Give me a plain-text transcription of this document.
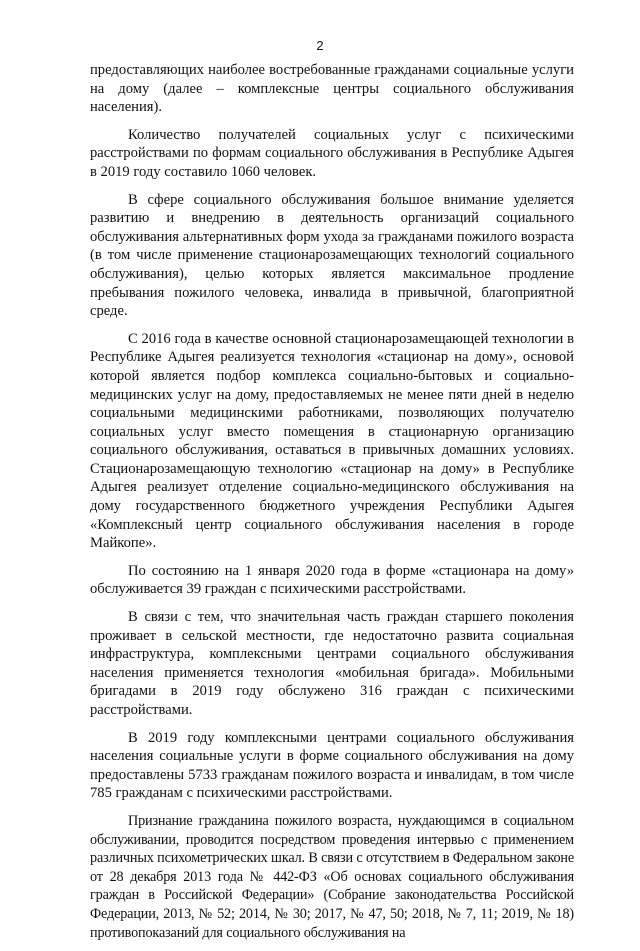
2

предоставляющих наиболее востребованные гражданами социальные услуги на дому (далее – комплексные центры социального обслуживания населения).

Количество получателей социальных услуг с психическими расстройствами по формам социального обслуживания в Республике Адыгея в 2019 году составило 1060 человек.

В сфере социального обслуживания большое внимание уделяется развитию и внедрению в деятельность организаций социального обслуживания альтернативных форм ухода за гражданами пожилого возраста (в том числе применение стационарозамещающих технологий социального обслуживания), целью которых является максимальное продление пребывания пожилого человека, инвалида в привычной, благоприятной среде.

С 2016 года в качестве основной стационарозамещающей технологии в Республике Адыгея реализуется технология «стационар на дому», основой которой является подбор комплекса социально-бытовых и социально-медицинских услуг на дому, предоставляемых не менее пяти дней в неделю социальными медицинскими работниками, позволяющих получателю социальных услуг вместо помещения в стационарную организацию социального обслуживания, оставаться в привычных домашних условиях. Стационарозамещающую технологию «стационар на дому» в Республике Адыгея реализует отделение социально-медицинского обслуживания на дому государственного бюджетного учреждения Республики Адыгея «Комплексный центр социального обслуживания населения в городе Майкопе».

По состоянию на 1 января 2020 года в форме «стационара на дому» обслуживается 39 граждан с психическими расстройствами.

В связи с тем, что значительная часть граждан старшего поколения проживает в сельской местности, где недостаточно развита социальная инфраструктура, комплексными центрами социального обслуживания населения применяется технология «мобильная бригада». Мобильными бригадами в 2019 году обслужено 316 граждан с психическими расстройствами.

В 2019 году комплексными центрами социального обслуживания населения социальные услуги в форме социального обслуживания на дому предоставлены 5733 гражданам пожилого возраста и инвалидам, в том числе 785 гражданам с психическими расстройствами.

Признание гражданина пожилого возраста, нуждающимся в социальном обслуживании, проводится посредством проведения интервью с применением различных психометрических шкал. В связи с отсутствием в Федеральном законе от 28 декабря 2013 года № 442-ФЗ «Об основах социального обслуживания граждан в Российской Федерации» (Собрание законодательства Российской Федерации, 2013, № 52; 2014, № 30; 2017, № 47, 50; 2018, № 7, 11; 2019, № 18) противопоказаний для социального обслуживания на
